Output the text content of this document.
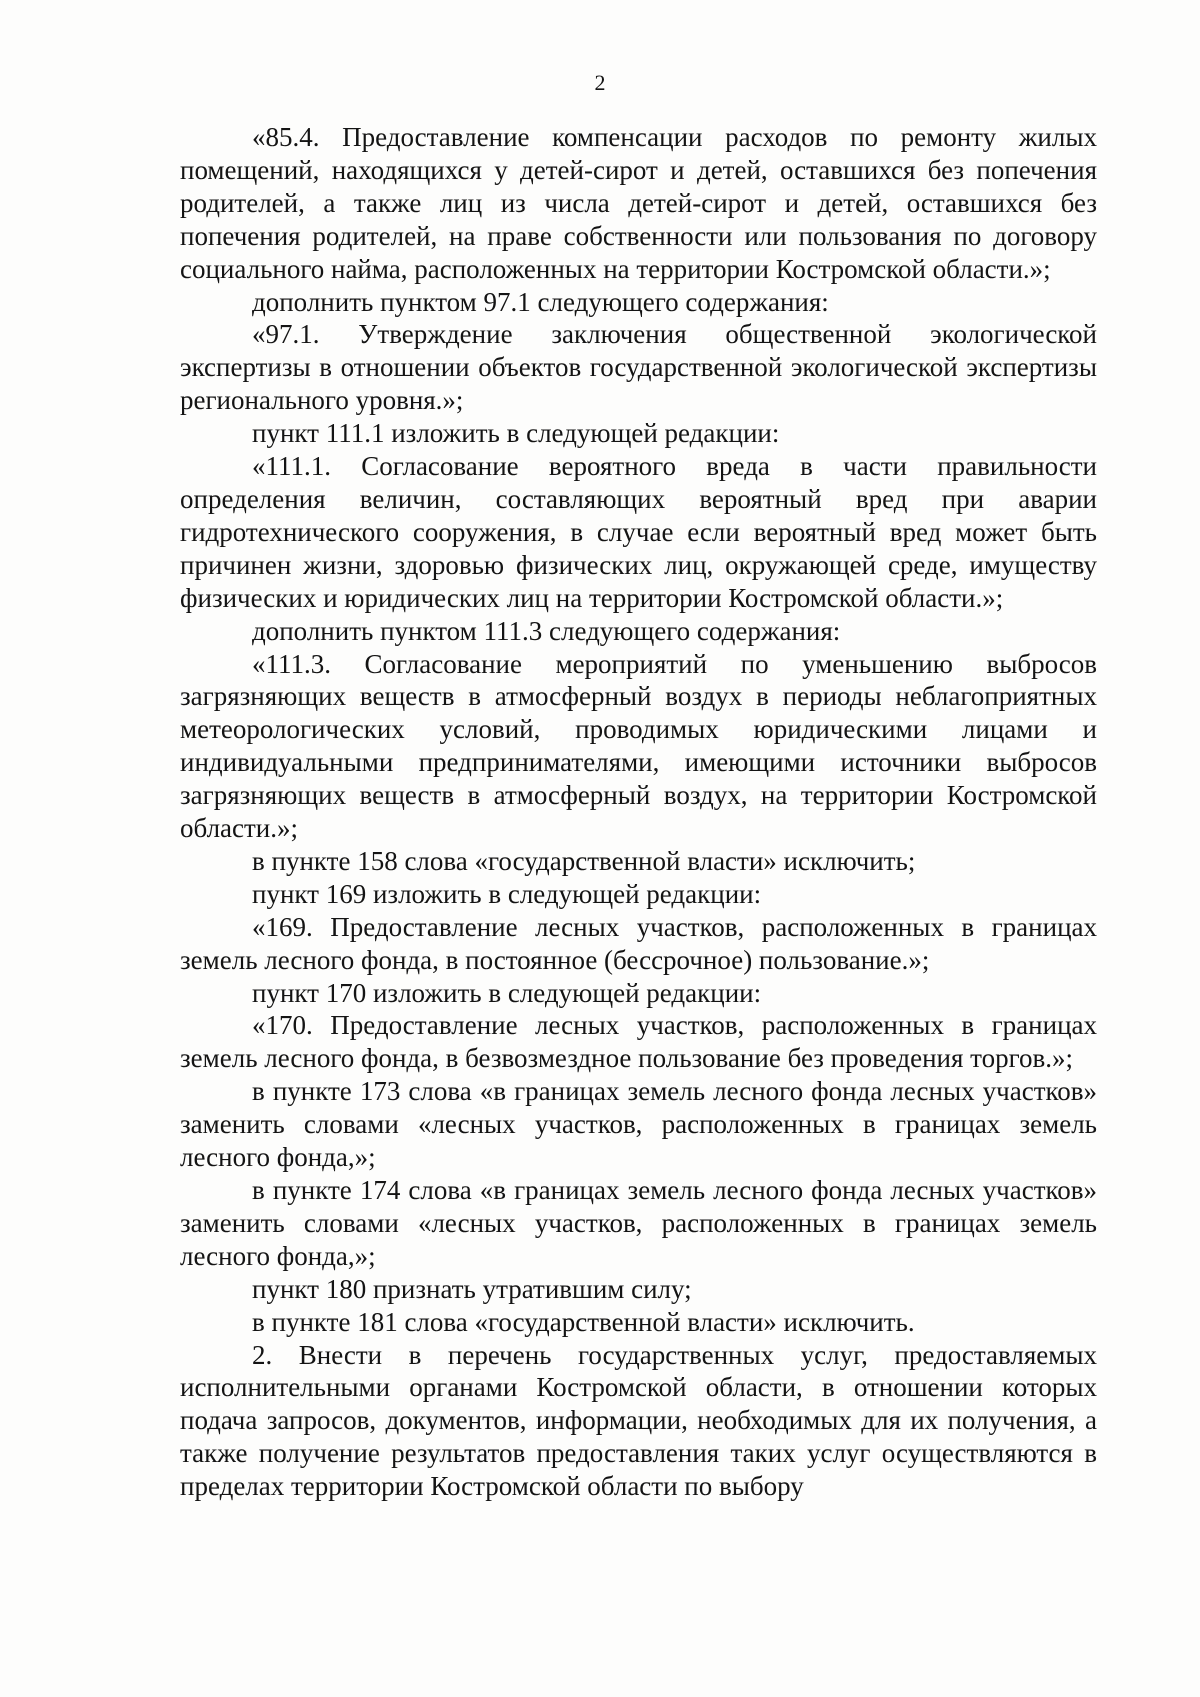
2

«85.4. Предоставление компенсации расходов по ремонту жилых помещений, находящихся у детей-сирот и детей, оставшихся без попечения родителей, а также лиц из числа детей-сирот и детей, оставшихся без попечения родителей, на праве собственности или пользования по договору социального найма, расположенных на территории Костромской области.»;

дополнить пунктом 97.1 следующего содержания:

«97.1. Утверждение заключения общественной экологической экспертизы в отношении объектов государственной экологической экспертизы регионального уровня.»;

пункт 111.1 изложить в следующей редакции:

«111.1. Согласование вероятного вреда в части правильности определения величин, составляющих вероятный вред при аварии гидротехнического сооружения, в случае если вероятный вред может быть причинен жизни, здоровью физических лиц, окружающей среде, имуществу физических и юридических лиц на территории Костромской области.»;

дополнить пунктом 111.3 следующего содержания:

«111.3. Согласование мероприятий по уменьшению выбросов загрязняющих веществ в атмосферный воздух в периоды неблагоприятных метеорологических условий, проводимых юридическими лицами и индивидуальными предпринимателями, имеющими источники выбросов загрязняющих веществ в атмосферный воздух, на территории Костромской области.»;

в пункте 158 слова «государственной власти» исключить;

пункт 169 изложить в следующей редакции:

«169. Предоставление лесных участков, расположенных в границах земель лесного фонда, в постоянное (бессрочное) пользование.»;

пункт 170 изложить в следующей редакции:

«170. Предоставление лесных участков, расположенных в границах земель лесного фонда, в безвозмездное пользование без проведения торгов.»;

в пункте 173 слова «в границах земель лесного фонда лесных участков» заменить словами «лесных участков, расположенных в границах земель лесного фонда,»;

в пункте 174 слова «в границах земель лесного фонда лесных участков» заменить словами «лесных участков, расположенных в границах земель лесного фонда,»;

пункт 180 признать утратившим силу;

в пункте 181 слова «государственной власти» исключить.

2. Внести в перечень государственных услуг, предоставляемых исполнительными органами Костромской области, в отношении которых подача запросов, документов, информации, необходимых для их получения, а также получение результатов предоставления таких услуг осуществляются в пределах территории Костромской области по выбору
